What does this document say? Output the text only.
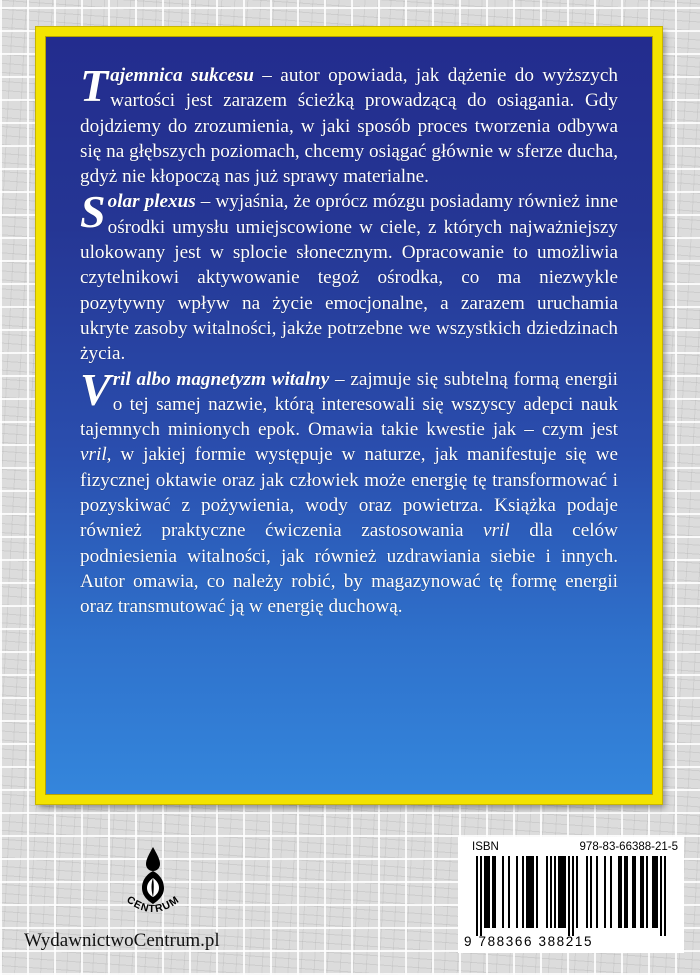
Tajemnica sukcesu – autor opowiada, jak dążenie do wyższych wartości jest zarazem ścieżką prowadzącą do osiągania. Gdy dojdziemy do zrozumienia, w jaki sposób proces tworzenia odbywa się na głębszych poziomach, chcemy osiągać głównie w sferze ducha, gdyż nie kłopoczą nas już sprawy materialne.

Solar plexus – wyjaśnia, że oprócz mózgu posiadamy również inne ośrodki umysłu umiejscowione w ciele, z których najważniejszy ulokowany jest w splocie słonecznym. Opracowanie to umożliwia czytelnikowi aktywowanie tegoż ośrodka, co ma niezwykle pozytywny wpływ na życie emocjonalne, a zarazem uruchamia ukryte zasoby witalności, jakże potrzebne we wszystkich dziedzinach życia.

Vril albo magnetyzm witalny – zajmuje się subtelną formą energii o tej samej nazwie, którą interesowali się wszyscy adepci nauk tajemnych minionych epok. Omawia takie kwestie jak – czym jest vril, w jakiej formie występuje w naturze, jak manifestuje się we fizycznej oktawie oraz jak człowiek może energię tę transformować i pozyskiwać z pożywienia, wody oraz powietrza. Książka podaje również praktyczne ćwiczenia zastosowania vril dla celów podniesienia witalności, jak również uzdrawiania siebie i innych. Autor omawia, co należy robić, by magazynować tę formę energii oraz transmutować ją w energię duchową.

CENTRUM
WydawnictwoCentrum.pl
ISBN	978-83-66388-21-5
9 788366 388215
